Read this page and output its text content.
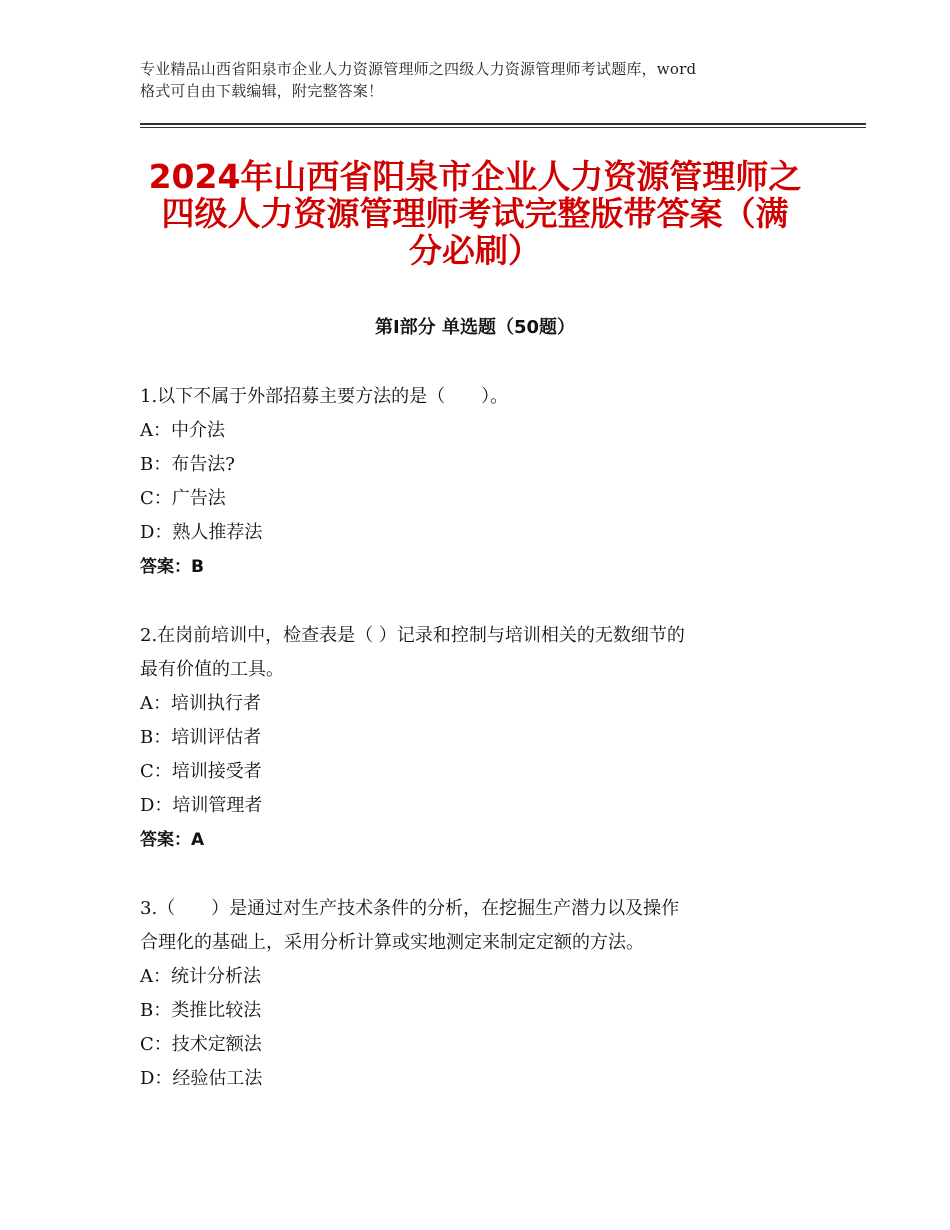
专业精品山西省阳泉市企业人力资源管理师之四级人力资源管理师考试题库，word
格式可自由下载编辑，附完整答案！
2024年山西省阳泉市企业人力资源管理师之
四级人力资源管理师考试完整版带答案（满
分必刷）
第Ⅰ部分 单选题（50题）
1.以下不属于外部招募主要方法的是（　　）。
A：中介法
B：布告法?
C：广告法
D：熟人推荐法
答案：B
2.在岗前培训中，检查表是（ ）记录和控制与培训相关的无数细节的
最有价值的工具。
A：培训执行者
B：培训评估者
C：培训接受者
D：培训管理者
答案：A
3.（　　）是通过对生产技术条件的分析，在挖掘生产潜力以及操作
合理化的基础上，采用分析计算或实地测定来制定定额的方法。
A：统计分析法
B：类推比较法
C：技术定额法
D：经验估工法
